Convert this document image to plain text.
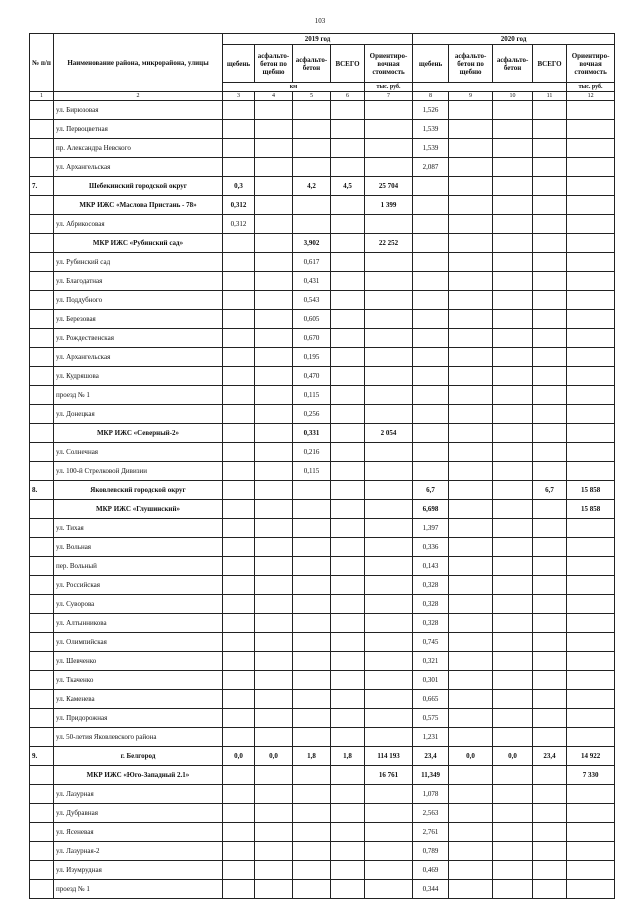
103
№ п/п	Наименование района, микрорайона, улицы	2019 год					2020 год				
		щебень	асфальто-бетон по щебню	асфальто-бетон	ВСЕГО	Ориентиро-вочная стоимость	щебень	асфальто-бетон по щебню	асфальто-бетон	ВСЕГО	Ориентиро-вочная стоимость
		км				тыс. руб.					тыс. руб.
1	2	3	4	5	6	7	8	9	10	11	12
	ул. Бирюзовая						1,526				
	ул. Первоцветная						1,539				
	пр. Александра Невского						1,539				
	ул. Архангельская						2,087				
7.	Шебекинский городской округ	0,3		4,2	4,5	25 704					
	МКР ИЖС «Маслова Пристань - 78»	0,312				1 399					
	ул. Абрикосовая	0,312									
	МКР ИЖС «Рубинский сад»			3,902		22 252					
	ул. Рубинский сад			0,617							
	ул. Благодатная			0,431							
	ул. Поддубного			0,543							
	ул. Березовая			0,605							
	ул. Рождественская			0,670							
	ул. Архангельская			0,195							
	ул. Кудряшова			0,470							
	проезд № 1			0,115							
	ул. Донецкая			0,256							
	МКР ИЖС «Северный-2»			0,331		2 054					
	ул. Солнечная			0,216							
	ул. 100-й Стрелковой Дивизии			0,115							
8.	Яковлевский городской округ						6,7			6,7	15 858
	МКР ИЖС «Глушинский»						6,698				15 858
	ул. Тихая						1,397				
	ул. Вольная						0,336				
	пер. Вольный						0,143				
	ул. Российская						0,328				
	ул. Суворова						0,328				
	ул. Алтынникова						0,328				
	ул. Олимпийская						0,745				
	ул. Шевченко						0,321				
	ул. Ткаченко						0,301				
	ул. Каменева						0,665				
	ул. Придорожная						0,575				
	ул. 50-летия Яковлевского района						1,231				
9.	г. Белгород	0,0	0,0	1,8	1,8	114 193	23,4	0,0	0,0	23,4	14 922
	МКР ИЖС «Юго-Западный 2.1»					16 761	11,349				7 330
	ул. Лазурная						1,078				
	ул. Дубравная						2,563				
	ул. Ясеневая						2,761				
	ул. Лазурная-2						0,789				
	ул. Изумрудная						0,469				
	проезд № 1						0,344				
